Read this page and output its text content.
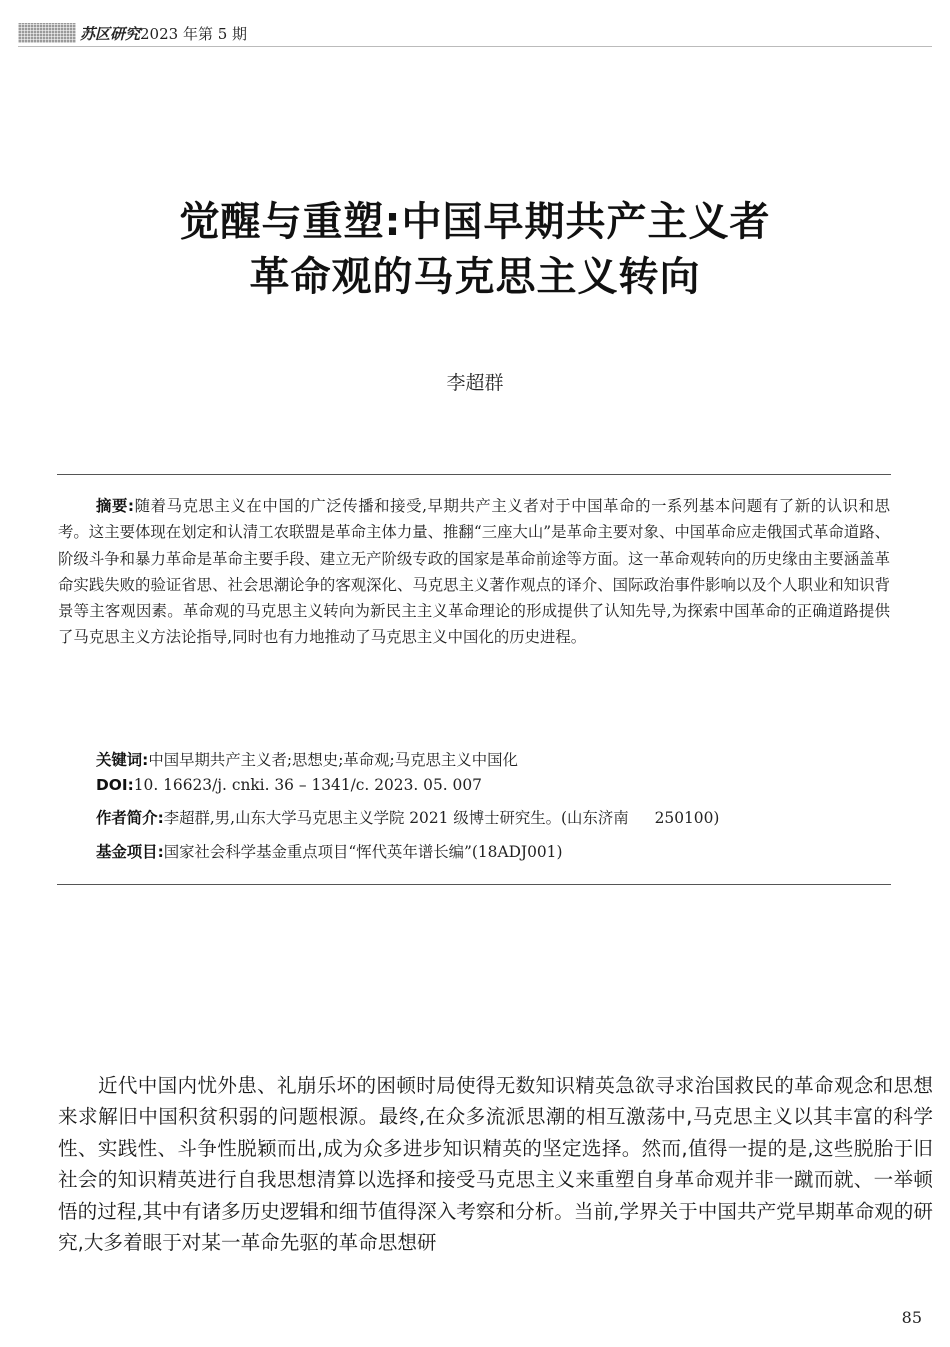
苏区研究2023 年第 5 期
觉醒与重塑:中国早期共产主义者
革命观的马克思主义转向
李超群
摘要:随着马克思主义在中国的广泛传播和接受,早期共产主义者对于中国革命的一系列基本问题有了新的认识和思考。这主要体现在划定和认清工农联盟是革命主体力量、推翻“三座大山”是革命主要对象、中国革命应走俄国式革命道路、阶级斗争和暴力革命是革命主要手段、建立无产阶级专政的国家是革命前途等方面。这一革命观转向的历史缘由主要涵盖革命实践失败的验证省思、社会思潮论争的客观深化、马克思主义著作观点的译介、国际政治事件影响以及个人职业和知识背景等主客观因素。革命观的马克思主义转向为新民主主义革命理论的形成提供了认知先导,为探索中国革命的正确道路提供了马克思主义方法论指导,同时也有力地推动了马克思主义中国化的历史进程。
关键词:中国早期共产主义者;思想史;革命观;马克思主义中国化
DOI:10. 16623/j. cnki. 36 – 1341/c. 2023. 05. 007
作者简介:李超群,男,山东大学马克思主义学院 2021 级博士研究生。(山东济南 250100)
基金项目:国家社会科学基金重点项目“恽代英年谱长编”(18ADJ001)
近代中国内忧外患、礼崩乐坏的困顿时局使得无数知识精英急欲寻求治国救民的革命观念和思想来求解旧中国积贫积弱的问题根源。最终,在众多流派思潮的相互激荡中,马克思主义以其丰富的科学性、实践性、斗争性脱颖而出,成为众多进步知识精英的坚定选择。然而,值得一提的是,这些脱胎于旧社会的知识精英进行自我思想清算以选择和接受马克思主义来重塑自身革命观并非一蹴而就、一举顿悟的过程,其中有诸多历史逻辑和细节值得深入考察和分析。当前,学界关于中国共产党早期革命观的研究,大多着眼于对某一革命先驱的革命思想研
85
